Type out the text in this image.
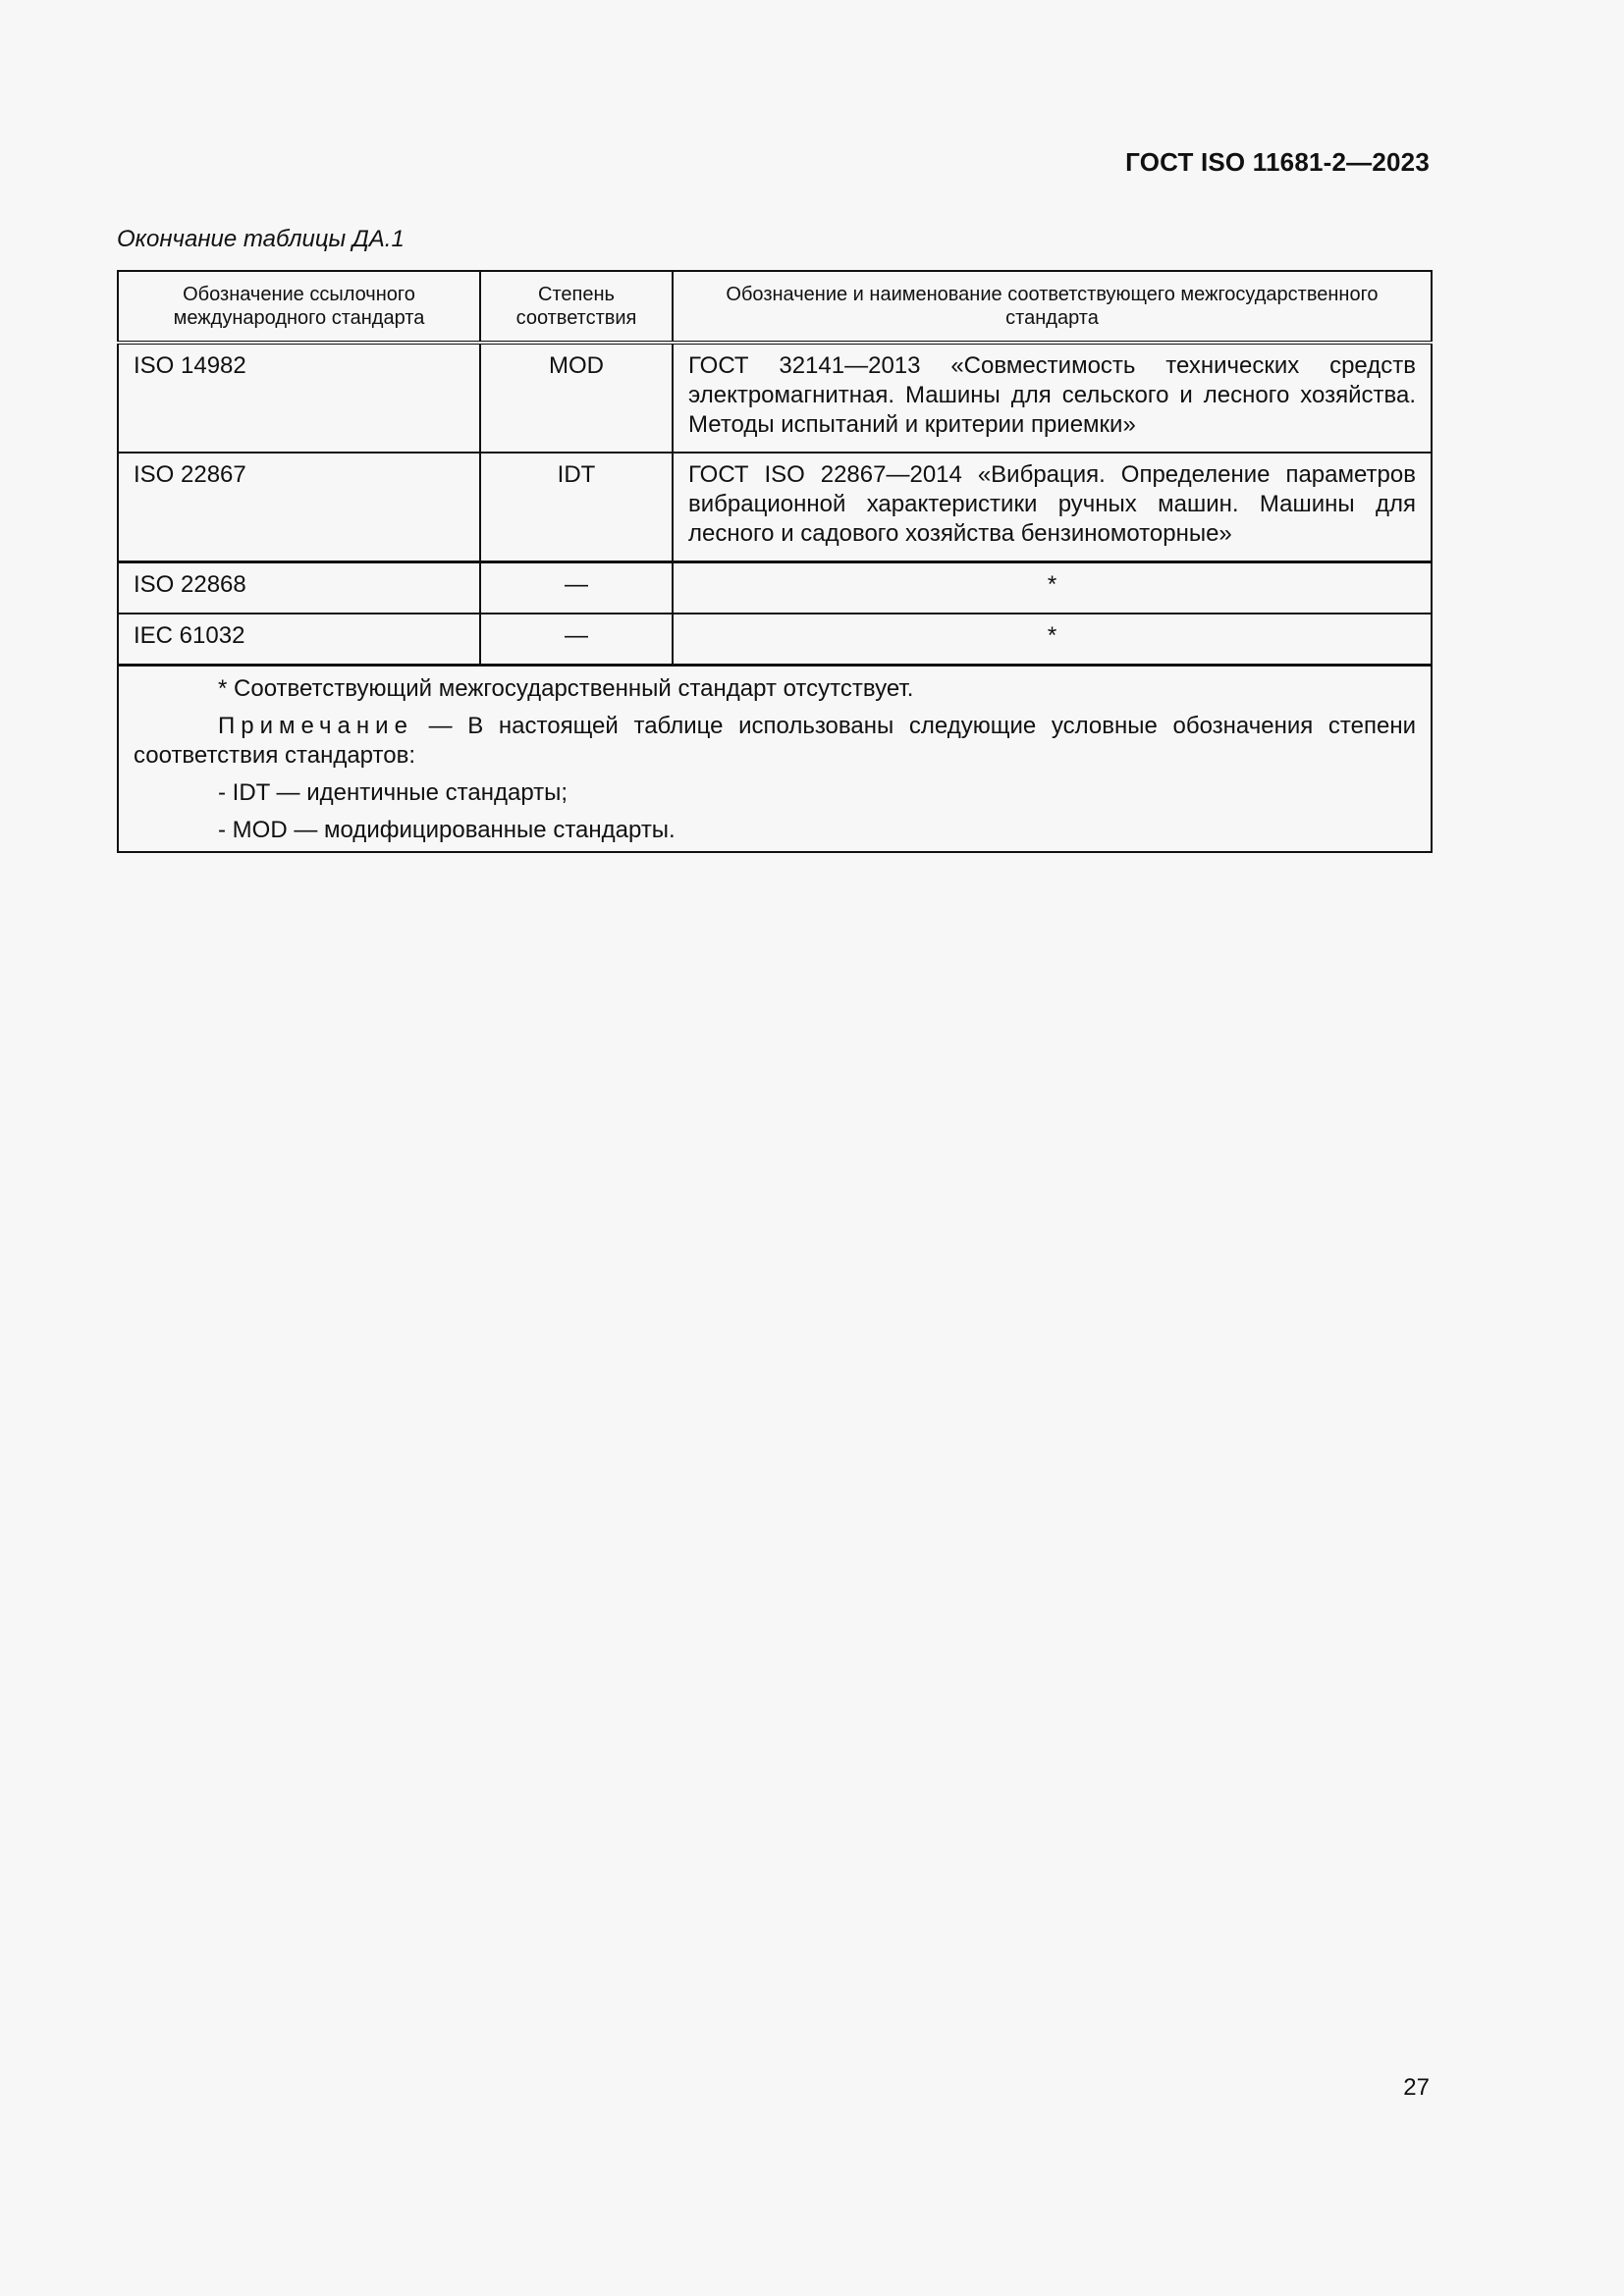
ГОСТ ISO 11681-2—2023
Окончание таблицы ДА.1
Обозначение ссылочного международного стандарта	Степень соответствия	Обозначение и наименование соответствующего межгосударственного стандарта
ISO 14982	MOD	ГОСТ 32141—2013 «Совместимость технических средств электромагнитная. Машины для сельского и лесного хозяйства. Методы испытаний и критерии приемки»
ISO 22867	IDT	ГОСТ ISO 22867—2014 «Вибрация. Определение параметров вибрационной характеристики ручных машин. Машины для лесного и садового хозяйства бензиномоторные»
ISO 22868	—	*
IEC 61032	—	*

* Соответствующий межгосударственный стандарт отсутствует.
Примечание — В настоящей таблице использованы следующие условные обозначения степени соответствия стандартов:
- IDT — идентичные стандарты;
- MOD — модифицированные стандарты.		
27
